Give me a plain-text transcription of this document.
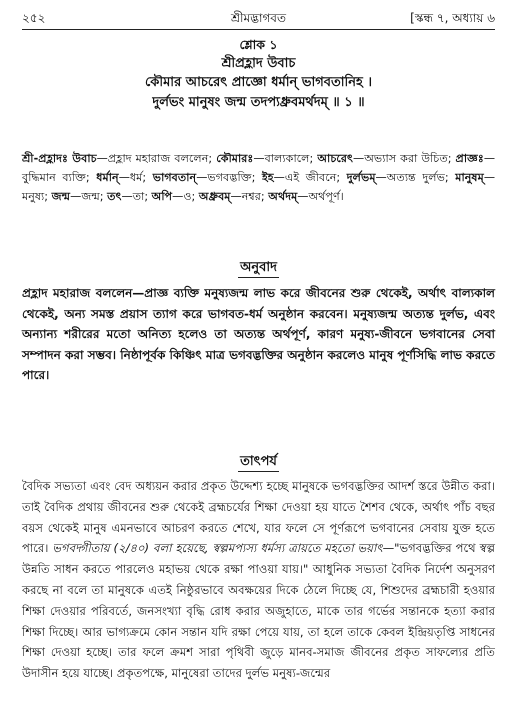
২৫২	শ্রীমদ্ভাগবত	[স্কন্ধ ৭, অধ্যায় ৬
শ্লোক ১
শ্রীপ্রহ্লাদ উবাচ
কৌমার আচরেৎ প্রাজ্ঞো ধর্মান্ ভাগবতানিহ ।
দুর্লভং মানুষং জন্ম তদপ্যধ্রুবমর্থদম্ ॥ ১ ॥
শ্রী-প্রহ্লাদঃ উবাচ—প্রহ্লাদ মহারাজ বললেন; কৌমারঃ—বাল্যকালে; আচরেৎ—অভ্যাস করা উচিত; প্রাজ্ঞঃ—বুদ্ধিমান ব্যক্তি; ধর্মান্—ধর্ম; ভাগবতান্—ভগবদ্ভক্তি; ইহ—এই জীবনে; দুর্লভম্—অত্যন্ত দুর্লভ; মানুষম্—মনুষ্য; জন্ম—জন্ম; তৎ—তা; অপি—ও; অধ্রুবম্—নশ্বর; অর্থদম্—অর্থপূর্ণ।
অনুবাদ
প্রহ্লাদ মহারাজ বললেন—প্রাজ্ঞ ব্যক্তি মনুষ্যজন্ম লাভ করে জীবনের শুরু থেকেই, অর্থাৎ বাল্যকাল থেকেই, অন্য সমস্ত প্রয়াস ত্যাগ করে ভাগবত-ধর্ম অনুষ্ঠান করবেন। মনুষ্যজন্ম অত্যন্ত দুর্লভ, এবং অন্যান্য শরীরের মতো অনিত্য হলেও তা অত্যন্ত অর্থপূর্ণ, কারণ মনুষ্য-জীবনে ভগবানের সেবা সম্পাদন করা সম্ভব। নিষ্ঠাপূর্বক কিঞ্চিৎ মাত্র ভগবদ্ভক্তির অনুষ্ঠান করলেও মানুষ পূর্ণসিদ্ধি লাভ করতে পারে।
তাৎপর্য
বৈদিক সভ্যতা এবং বেদ অধ্যয়ন করার প্রকৃত উদ্দেশ্য হচ্ছে মানুষকে ভগবদ্ভক্তির আদর্শ স্তরে উন্নীত করা। তাই বৈদিক প্রথায় জীবনের শুরু থেকেই ব্রহ্মচর্যের শিক্ষা দেওয়া হয় যাতে শৈশব থেকে, অর্থাৎ পাঁচ বছর বয়স থেকেই মানুষ এমনভাবে আচরণ করতে শেখে, যার ফলে সে পূর্ণরূপে ভগবানের সেবায় যুক্ত হতে পারে। ভগবদ্গীতায় (২/৪০) বলা হয়েছে, স্বল্পমপ্যস্য ধর্মস্য ত্রায়তে মহতো ভয়াৎ—"ভগবদ্ভক্তির পথে স্বল্প উন্নতি সাধন করতে পারলেও মহাভয় থেকে রক্ষা পাওয়া যায়।" আধুনিক সভ্যতা বৈদিক নির্দেশ অনুসরণ করছে না বলে তা মানুষকে এতই নিষ্ঠুরভাবে অবক্ষয়ের দিকে ঠেলে দিচ্ছে যে, শিশুদের ব্রহ্মচারী হওয়ার শিক্ষা দেওয়ার পরিবর্তে, জনসংখ্যা বৃদ্ধি রোধ করার অজুহাতে, মাকে তার গর্ভের সন্তানকে হত্যা করার শিক্ষা দিচ্ছে। আর ভাগ্যক্রমে কোন সন্তান যদি রক্ষা পেয়ে যায়, তা হলে তাকে কেবল ইন্দ্রিয়তৃপ্তি সাধনের শিক্ষা দেওয়া হচ্ছে। তার ফলে ক্রমশ সারা পৃথিবী জুড়ে মানব-সমাজ জীবনের প্রকৃত সাফল্যের প্রতি উদাসীন হয়ে যাচ্ছে। প্রকৃতপক্ষে, মানুষেরা তাদের দুর্লভ মনুষ্য-জন্মের
